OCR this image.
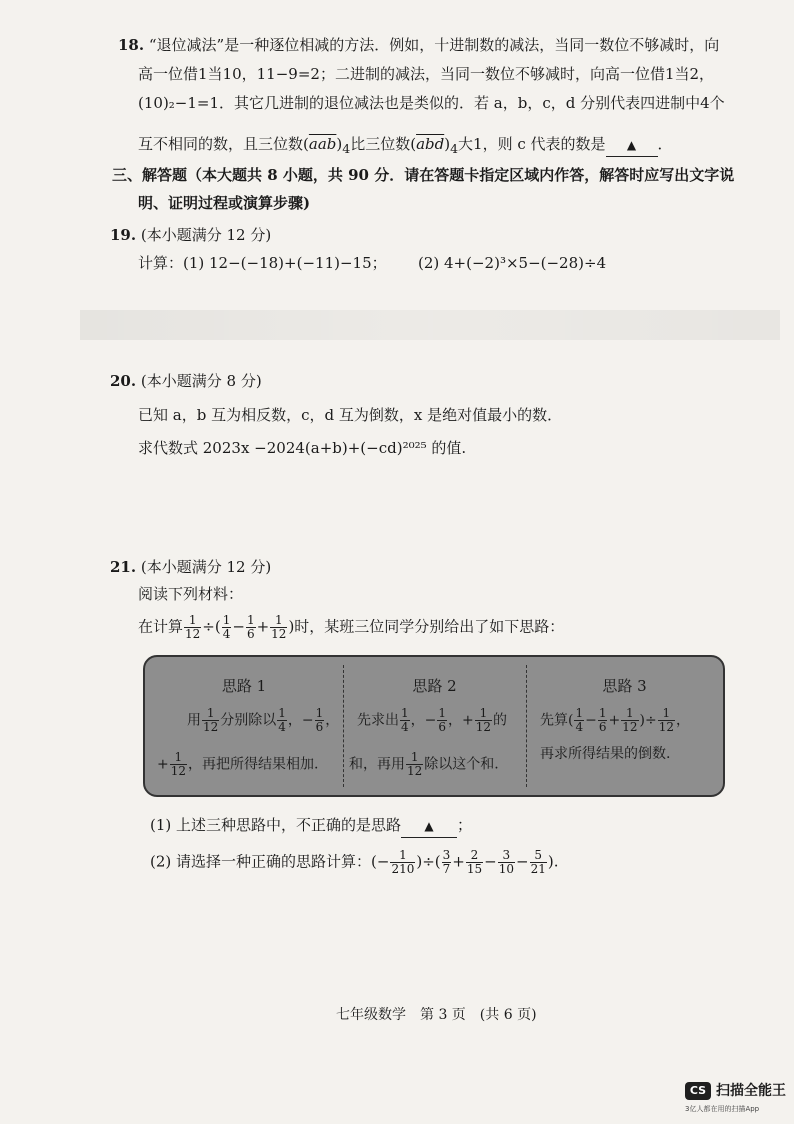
18. “退位减法”是一种逐位相减的方法．例如，十进制数的减法，当同一数位不够减时，向
高一位借1当10，11−9=2；二进制的减法，当同一数位不够减时，向高一位借1当2，
(10)₂−1=1．其它几进制的退位减法也是类似的．若 a，b，c，d 分别代表四进制中4个
互不相同的数，且三位数$(\overline{aab})_4$比三位数$(\overline{abd})_4$大1，则 c 代表的数是 ▲ ．
三、解答题（本大题共 8 小题，共 90 分．请在答题卡指定区域内作答，解答时应写出文字说
明、证明过程或演算步骤)
19. (本小题满分 12 分)
计算：(1) 12−(−18)+(−11)−15； (2) 4+(−2)³×5−(−28)÷4
20. (本小题满分 8 分)
已知 a，b 互为相反数，c，d 互为倒数，x 是绝对值最小的数．
求代数式 2023x −2024(a+b)+(−cd)²⁰²⁵ 的值.
21. (本小题满分 12 分)
阅读下列材料：
在计算 $\frac{1}{12}$ ÷( $\frac{1}{4} - \frac{1}{6} + \frac{1}{12}$ )时，某班三位同学分别给出了如下思路：
思路 1
用 $\frac{1}{12}$ 分别除以 $\frac{1}{4}$ ，− $\frac{1}{6}$ ，
+ $\frac{1}{12}$ ，再把所得结果相加.
思路 2
先求出 $\frac{1}{4}$ ，− $\frac{1}{6}$ ，+ $\frac{1}{12}$ 的
和，再用 $\frac{1}{12}$ 除以这个和.
思路 3
先算( $\frac{1}{4} - \frac{1}{6} + \frac{1}{12}$ )÷ $\frac{1}{12}$ ，
再求所得结果的倒数.
(1) 上述三种思路中，不正确的是思路 ▲ ；
(2) 请选择一种正确的思路计算：(− $\frac{1}{210}$ )÷( $\frac{3}{7} + \frac{2}{15} - \frac{3}{10} - \frac{5}{21}$ ).
七年级数学　第 3 页　(共 6 页)
CS 扫描全能王
3亿人都在用的扫描App
